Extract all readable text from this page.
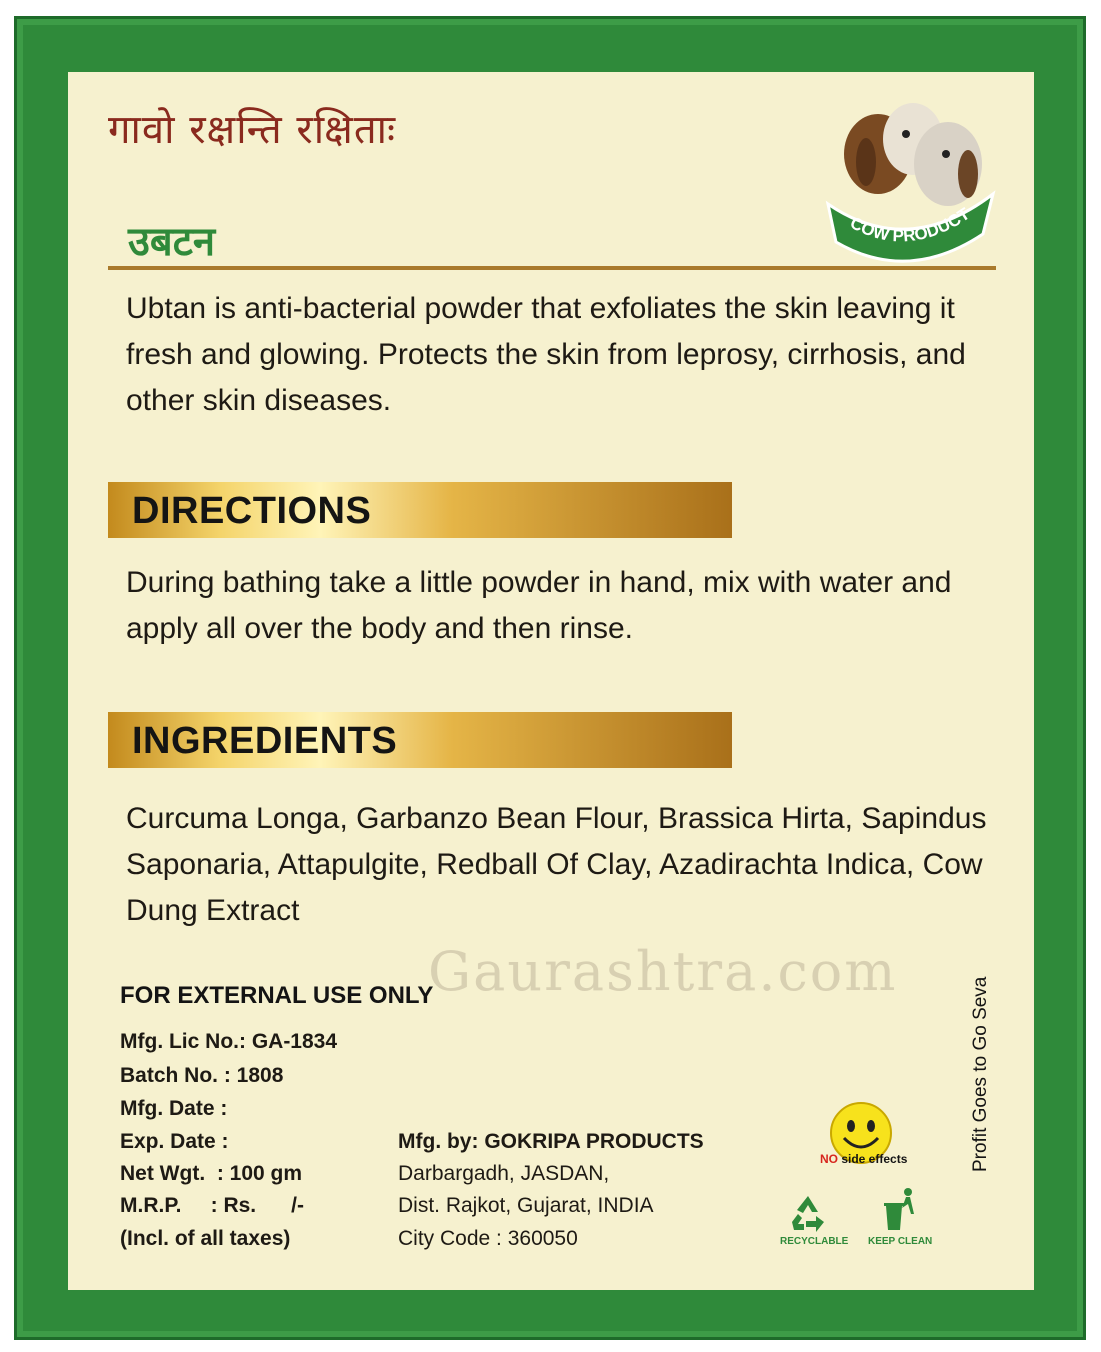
गावो रक्षन्ति रक्षिताः
COW PRODUCT
उबटन
Ubtan is anti-bacterial powder that exfoliates the skin leaving it fresh and glowing. Protects the skin from leprosy, cirrhosis, and other skin diseases.
DIRECTIONS
During bathing take a little powder in hand, mix with water and apply all over the body and then rinse.
INGREDIENTS
Curcuma Longa, Garbanzo Bean Flour, Brassica Hirta, Sapindus Saponaria, Attapulgite, Redball Of Clay, Azadirachta Indica, Cow Dung Extract
Gaurashtra.com
FOR EXTERNAL USE ONLY
Mfg. Lic No.: GA-1834
Batch No. : 1808
Mfg. Date :
Exp. Date :
Net Wgt.  : 100 gm
M.R.P.     : Rs.      /-
(Incl. of all taxes)
Mfg. by: GOKRIPA PRODUCTS
Darbargadh, JASDAN,
Dist. Rajkot, Gujarat, INDIA
City Code : 360050
NO side effects
RECYCLABLE KEEP CLEAN
Profit Goes to Go Seva
